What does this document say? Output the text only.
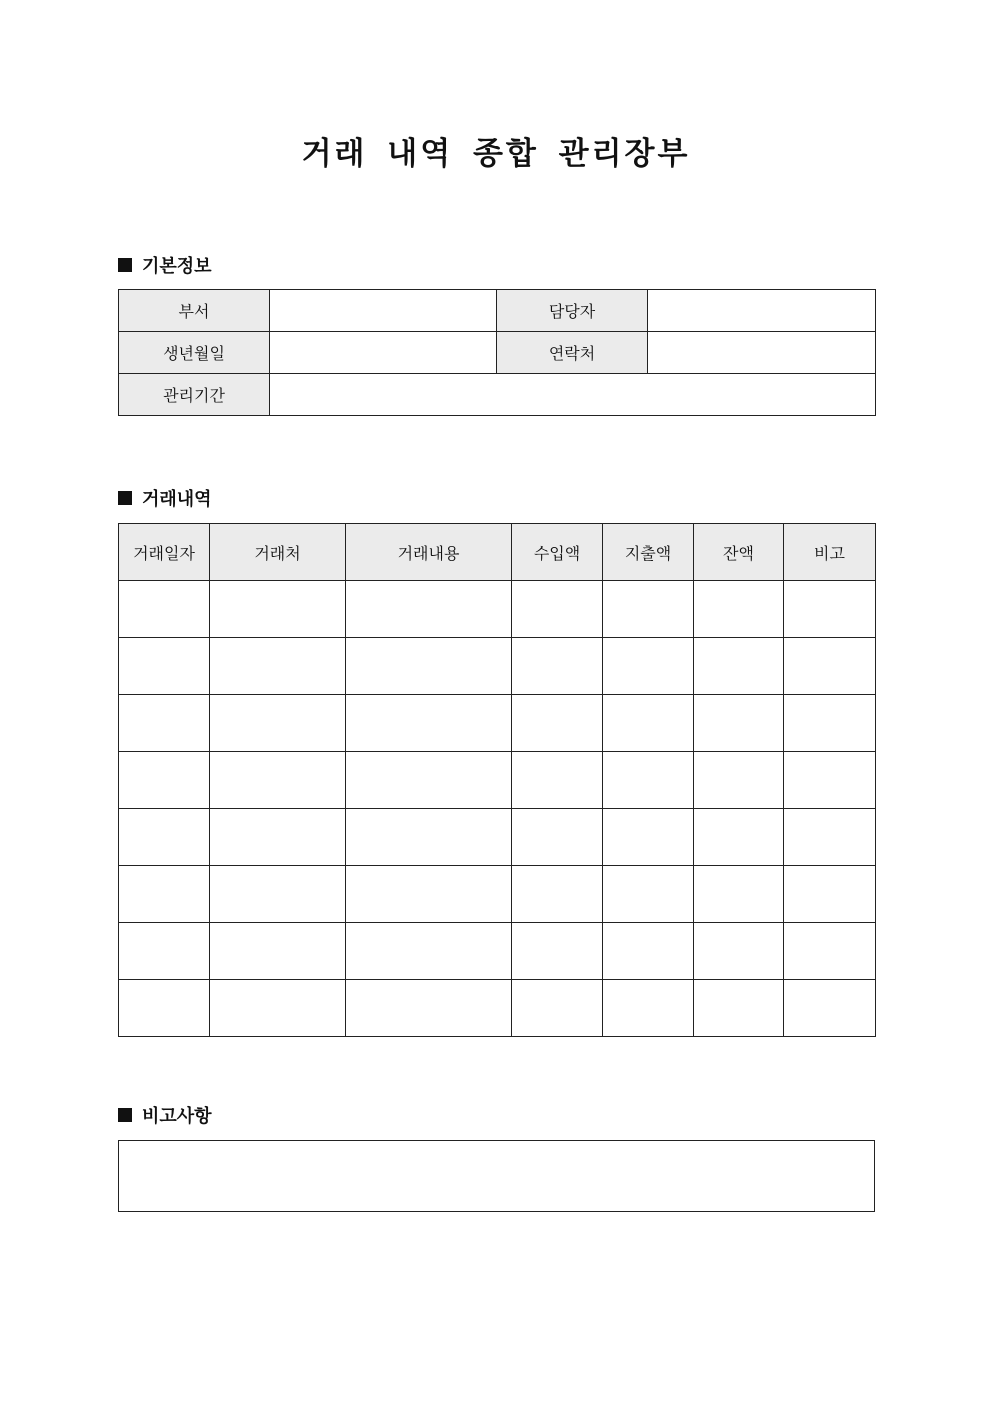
거래 내역 종합 관리장부
기본정보
부서		담당자	
생년월일		연락처	
관리기간			
거래내역
거래일자	거래처	거래내용	수입액	지출액	잔액	비고

비고사항
